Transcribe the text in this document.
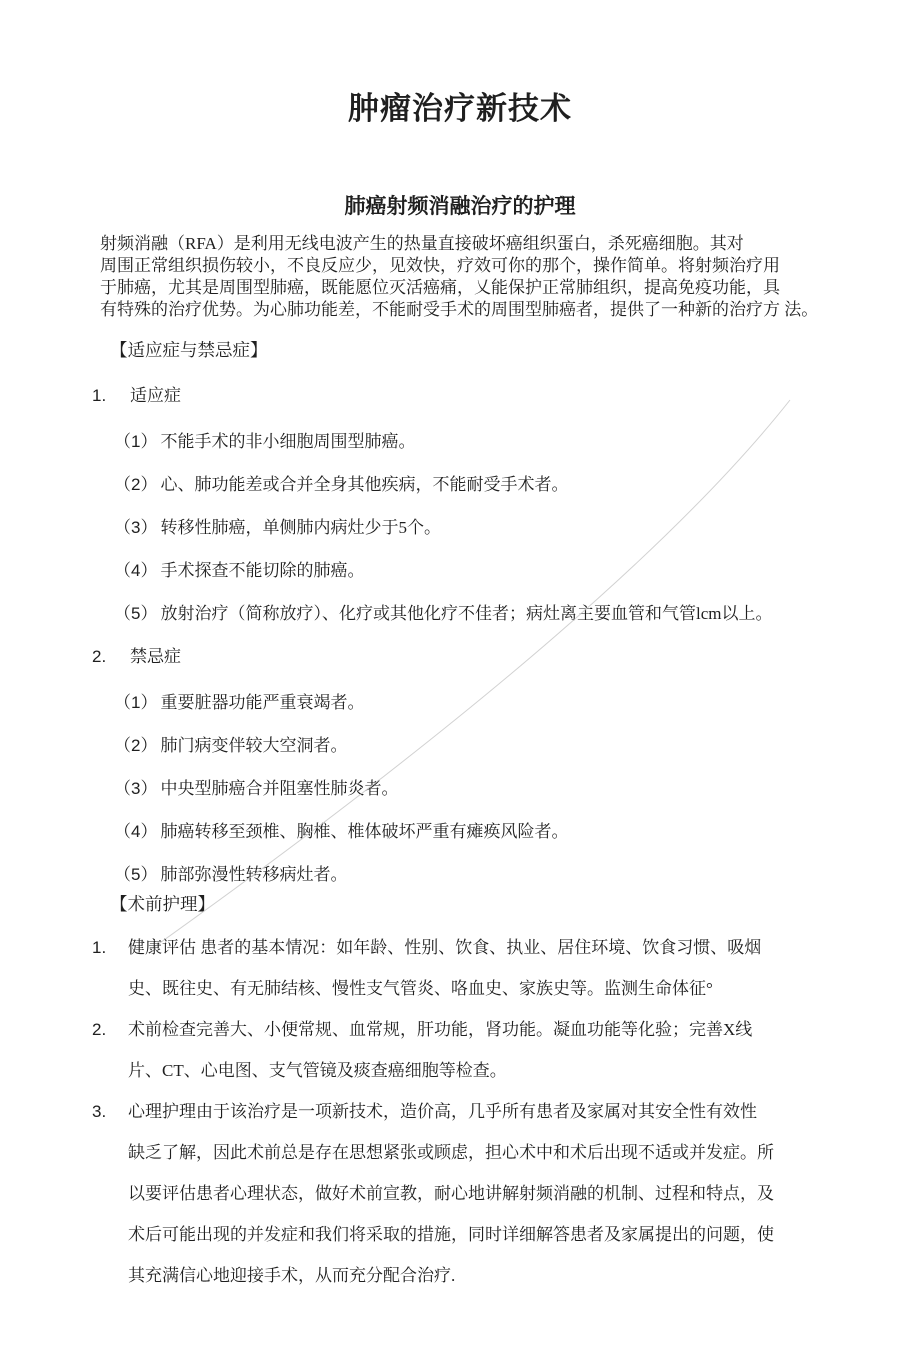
肿瘤治疗新技术
肺癌射频消融治疗的护理
射频消融（RFA）是利用无线电波产生的热量直接破坏癌组织蛋白，杀死癌细胞。其对
周围正常组织损伤较小，不良反应少，见效快，疗效可你的那个，操作简单。将射频治疗用
于肺癌，尤其是周围型肺癌，既能愿位灭活癌痛，乂能保护正常肺组织，提高免疫功能，具
有特殊的治疗优势。为心肺功能差，不能耐受手术的周围型肺癌者，提供了一种新的治疗方 法。
【适应症与禁忌症】
1. 适应症
（1） 不能手术的非小细胞周围型肺癌。
（2） 心、肺功能差或合并全身其他疾病，不能耐受手术者。
（3） 转移性肺癌，单侧肺内病灶少于5个。
（4） 手术探查不能切除的肺癌。
（5） 放射治疗（简称放疗）、化疗或其他化疗不佳者；病灶离主要血管和气管lcm以上。
2. 禁忌症
（1） 重要脏器功能严重衰竭者。
（2） 肺门病变伴较大空洞者。
（3） 中央型肺癌合并阻塞性肺炎者。
（4） 肺癌转移至颈椎、胸椎、椎体破坏严重有瘫痪风险者。
（5） 肺部弥漫性转移病灶者。
【术前护理】
1. 健康评估 患者的基本情况：如年龄、性别、饮食、执业、居住环境、饮食习惯、吸烟
史、既往史、有无肺结核、慢性支气管炎、咯血史、家族史等。监测生命体征°
2. 术前检查完善大、小便常规、血常规，肝功能，肾功能。凝血功能等化验；完善X线
片、CT、心电图、支气管镜及痰查癌细胞等检查。
3. 心理护理由于该治疗是一项新技术，造价高，几乎所有患者及家属对其安全性有效性
缺乏了解，因此术前总是存在思想紧张或顾虑，担心术中和术后出现不适或并发症。所
以要评估患者心理状态，做好术前宣教，耐心地讲解射频消融的机制、过程和特点，及
术后可能出现的并发症和我们将采取的措施，同时详细解答患者及家属提出的问题，使
其充满信心地迎接手术，从而充分配合治疗.
